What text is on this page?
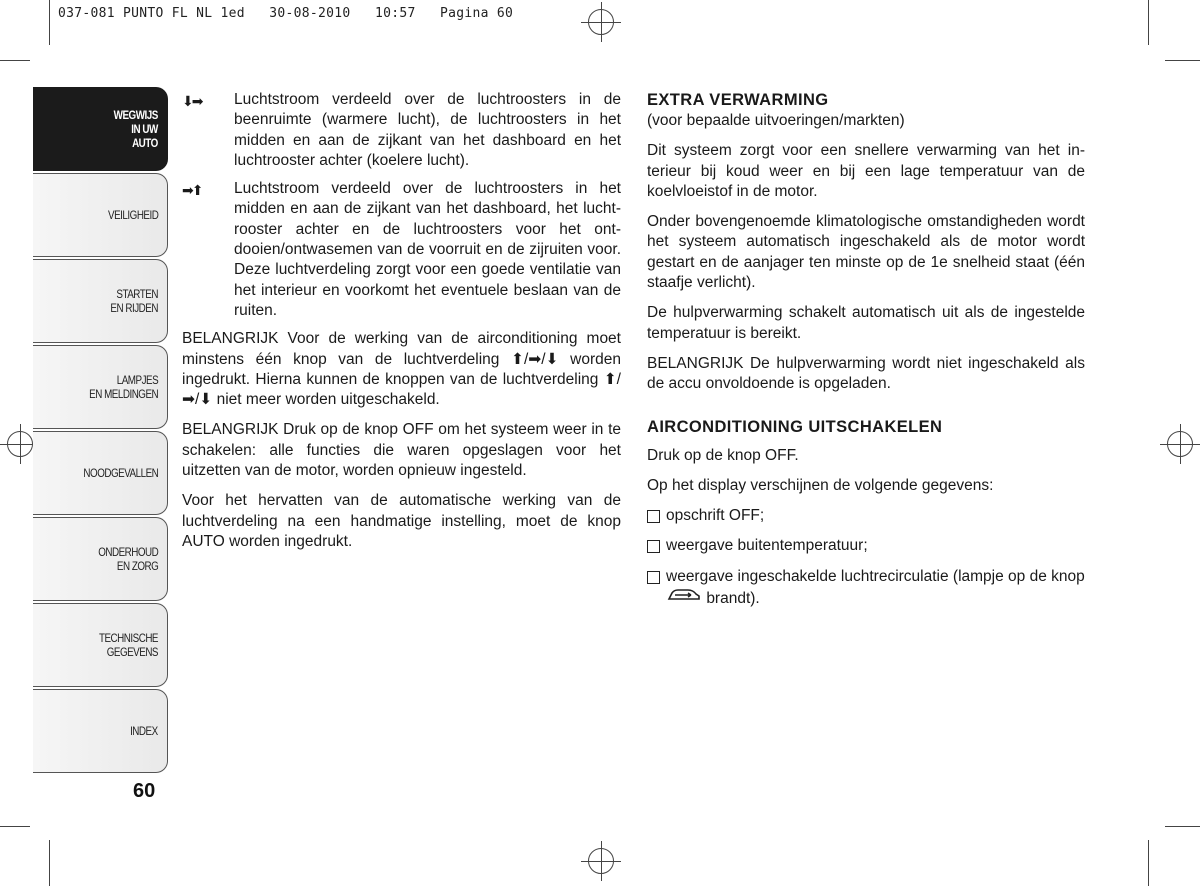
037-081 PUNTO FL NL 1ed   30-08-2010   10:57   Pagina 60
WEGWIJS
IN UW
AUTO
VEILIGHEID
STARTEN
EN RIJDEN
LAMPJES
EN MELDINGEN
NOODGEVALLEN
ONDERHOUD
EN ZORG
TECHNISCHE
GEGEVENS
INDEX
60
⬇➡	Luchtstroom verdeeld over de luchtroosters in de beenruimte (warmere lucht), de luchtroosters in het midden en aan de zijkant van het dashboard en het luchtrooster achter (koelere lucht).
➡⬆	Luchtstroom verdeeld over de luchtroosters in het midden en aan de zijkant van het dashboard, het luchtrooster achter en de luchtroosters voor het ontdooien/ontwasemen van de voorruit en de zijruiten voor. Deze luchtverdeling zorgt voor een goede ventilatie van het interieur en voorkomt het eventuele beslaan van de ruiten.

BELANGRIJK Voor de werking van de airconditioning moet minstens één knop van de luchtverdeling ⬆/➡/⬇ worden ingedrukt. Hierna kunnen de knoppen van de luchtverdeling ⬆/➡/⬇ niet meer worden uitgeschakeld.

BELANGRIJK Druk op de knop OFF om het systeem weer in te schakelen: alle functies die waren opgeslagen voor het uitzetten van de motor, worden opnieuw ingesteld.

Voor het hervatten van de automatische werking van de luchtverdeling na een handmatige instelling, moet de knop AUTO worden ingedrukt.

EXTRA VERWARMING

(voor bepaalde uitvoeringen/markten)

Dit systeem zorgt voor een snellere verwarming van het interieur bij koud weer en bij een lage temperatuur van de koelvloeistof in de motor.

Onder bovengenoemde klimatologische omstandigheden wordt het systeem automatisch ingeschakeld als de motor wordt gestart en de aanjager ten minste op de 1e snelheid staat (één staafje verlicht).

De hulpverwarming schakelt automatisch uit als de ingestelde temperatuur is bereikt.

BELANGRIJK De hulpverwarming wordt niet ingeschakeld als de accu onvoldoende is opgeladen.

AIRCONDITIONING UITSCHAKELEN

Druk op de knop OFF.

Op het display verschijnen de volgende gegevens:

opschrift OFF;
weergave buitentemperatuur;
weergave ingeschakelde luchtrecirculatie (lampje op de knop  brandt).
